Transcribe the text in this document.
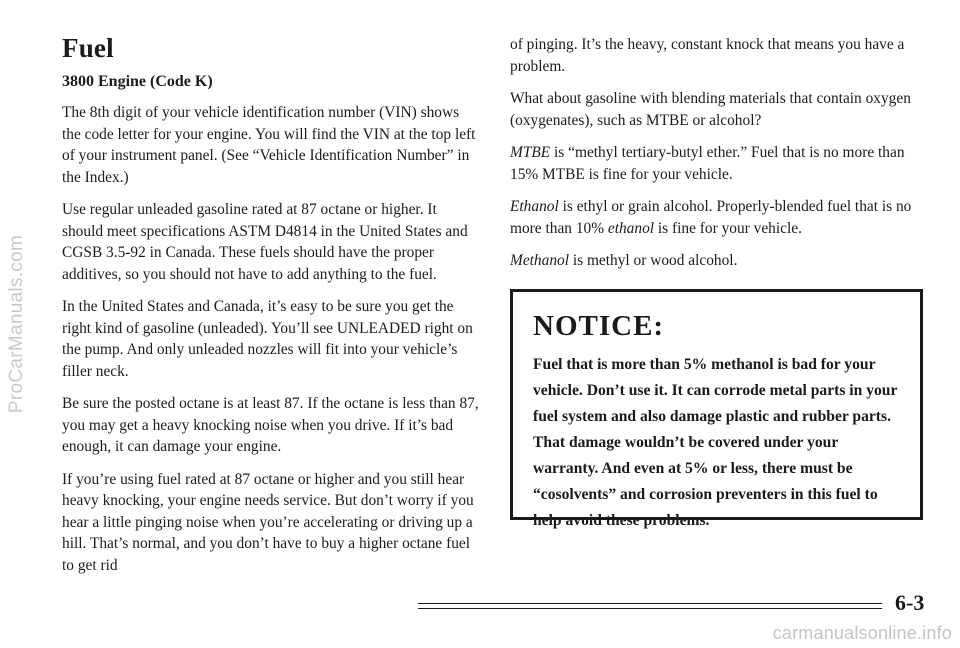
ProCarManuals.com
Fuel
3800 Engine (Code K)

The 8th digit of your vehicle identification number (VIN) shows the code letter for your engine. You will find the VIN at the top left of your instrument panel. (See “Vehicle Identification Number” in the Index.)

Use regular unleaded gasoline rated at 87 octane or higher. It should meet specifications ASTM D4814 in the United States and CGSB 3.5-92 in Canada. These fuels should have the proper additives, so you should not have to add anything to the fuel.

In the United States and Canada, it’s easy to be sure you get the right kind of gasoline (unleaded). You’ll see UNLEADED right on the pump. And only unleaded nozzles will fit into your vehicle’s filler neck.

Be sure the posted octane is at least 87. If the octane is less than 87, you may get a heavy knocking noise when you drive. If it’s bad enough, it can damage your engine.

If you’re using fuel rated at 87 octane or higher and you still hear heavy knocking, your engine needs service. But don’t worry if you hear a little pinging noise when you’re accelerating or driving up a hill. That’s normal, and you don’t have to buy a higher octane fuel to get rid

of pinging. It’s the heavy, constant knock that means you have a problem.

What about gasoline with blending materials that contain oxygen (oxygenates), such as MTBE or alcohol?

MTBE is “methyl tertiary-butyl ether.” Fuel that is no more than 15% MTBE is fine for your vehicle.

Ethanol is ethyl or grain alcohol. Properly-blended fuel that is no more than 10% ethanol is fine for your vehicle.

Methanol is methyl or wood alcohol.

NOTICE:

Fuel that is more than 5% methanol is bad for your vehicle. Don’t use it. It can corrode metal parts in your fuel system and also damage plastic and rubber parts. That damage wouldn’t be covered under your warranty. And even at 5% or less, there must be “cosolvents” and corrosion preventers in this fuel to help avoid these problems.

6-3
carmanualsonline.info
